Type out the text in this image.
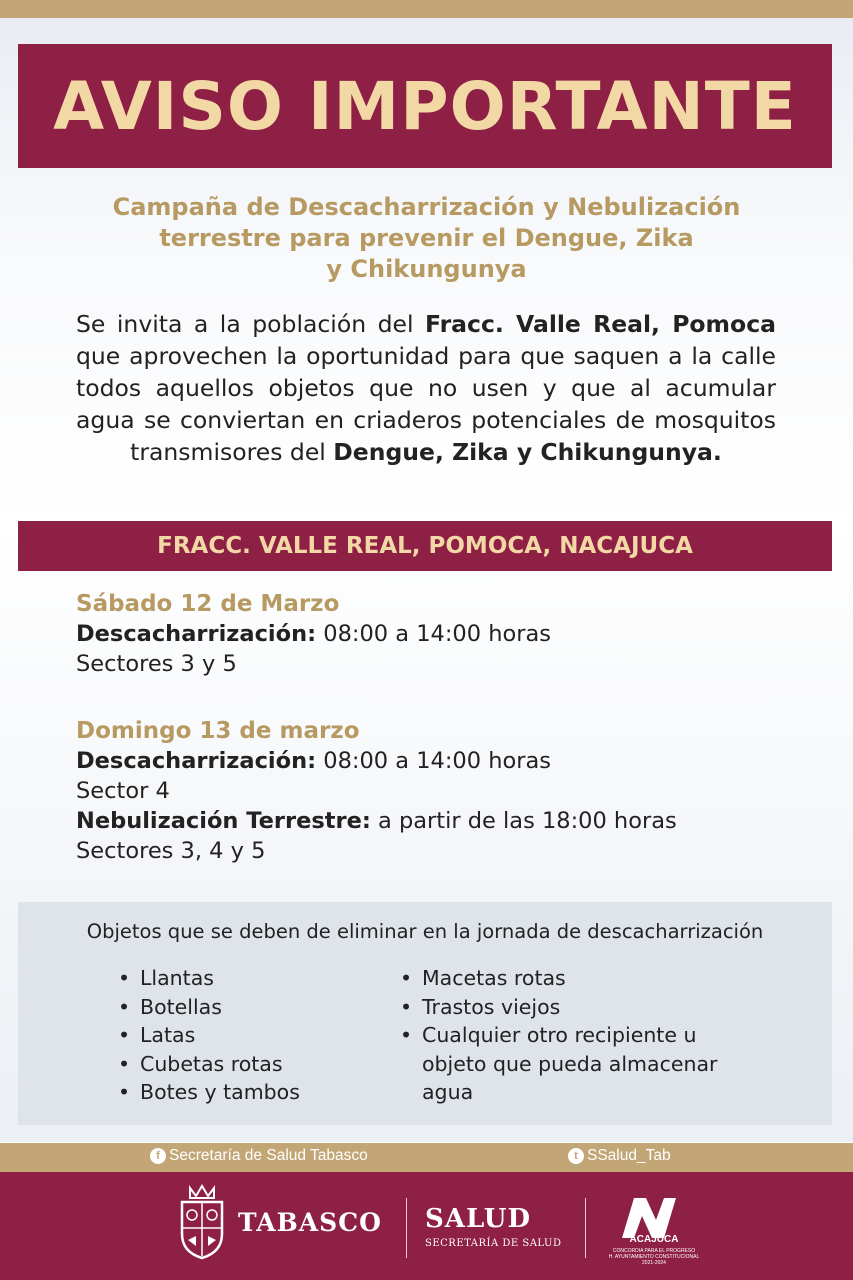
AVISO IMPORTANTE
Campaña de Descacharrización y Nebulización
terrestre para prevenir el Dengue, Zika
y Chikungunya
Se invita a la población del Fracc. Valle Real, Pomoca que aprovechen la oportunidad para que saquen a la calle todos aquellos objetos que no usen y que al acumular agua se conviertan en criaderos potenciales de mosquitos transmisores del Dengue, Zika y Chikungunya.
FRACC. VALLE REAL, POMOCA, NACAJUCA
Sábado 12 de Marzo
Descacharrización: 08:00 a 14:00 horas
Sectores 3 y 5
Domingo 13 de marzo
Descacharrización: 08:00 a 14:00 horas
Sector 4
Nebulización Terrestre: a partir de las 18:00 horas
Sectores 3, 4 y 5
Objetos que se deben de eliminar en la jornada de descacharrización
• Llantas
• Botellas
• Latas
• Cubetas rotas
• Botes y tambos
• Macetas rotas
• Trastos viejos
• Cualquier otro recipiente u objeto que pueda almacenar agua
f Secretaría de Salud Tabasco	t SSalud_Tab
TABASCO SALUD
SECRETARÍA DE SALUD	ACAJUCA
CONCORDIA PARA EL PROGRESO
H. AYUNTAMIENTO CONSTITUCIONAL
2021-2024
